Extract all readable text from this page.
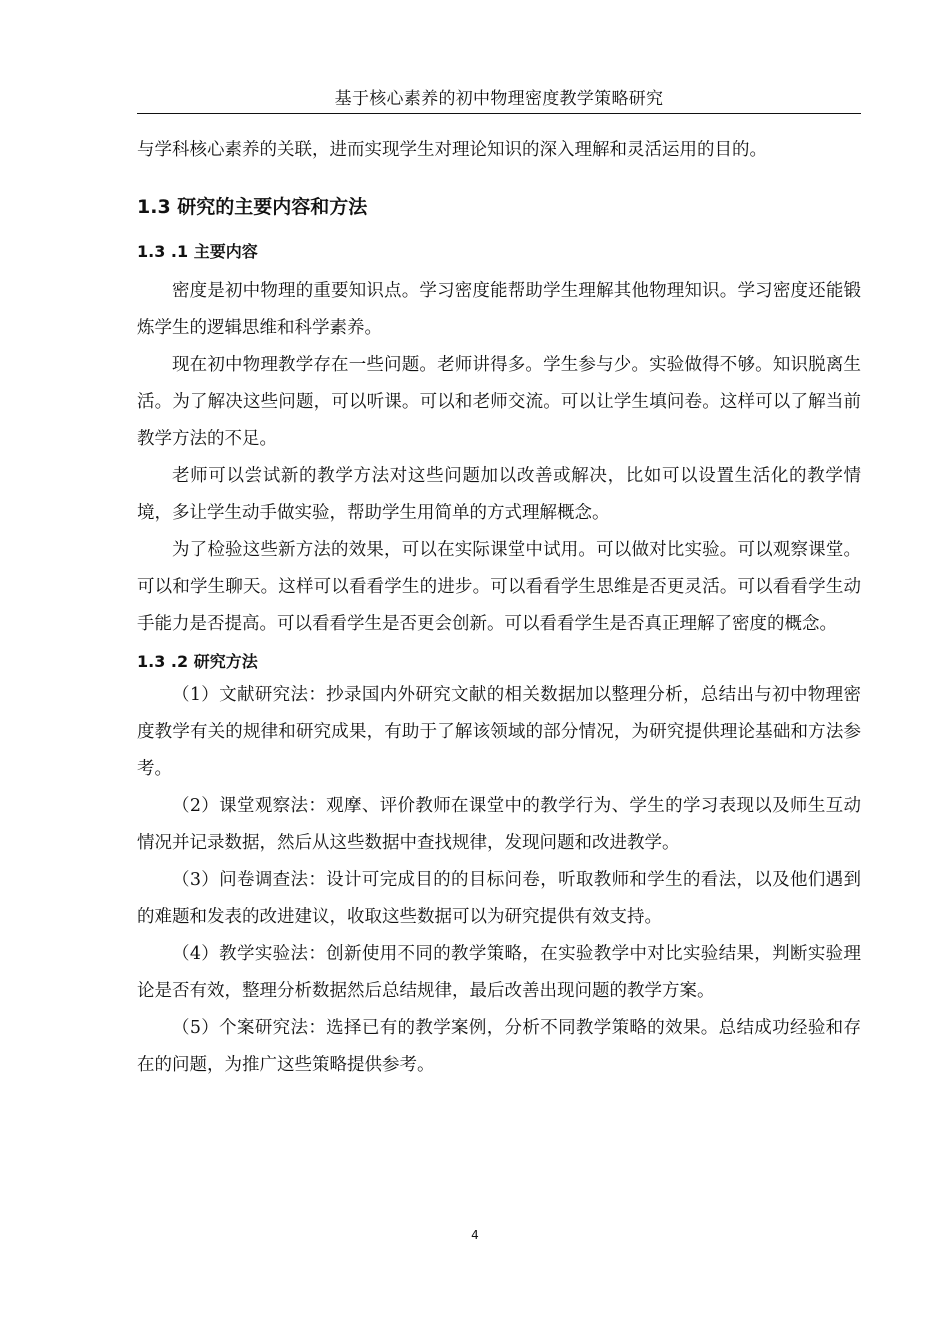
基于核心素养的初中物理密度教学策略研究

与学科核心素养的关联，进而实现学生对理论知识的深入理解和灵活运用的目的。

1.3 研究的主要内容和方法
1.3 .1 主要内容

密度是初中物理的重要知识点。学习密度能帮助学生理解其他物理知识。学习密度还能锻炼学生的逻辑思维和科学素养。

现在初中物理教学存在一些问题。老师讲得多。学生参与少。实验做得不够。知识脱离生活。为了解决这些问题，可以听课。可以和老师交流。可以让学生填问卷。这样可以了解当前教学方法的不足。

老师可以尝试新的教学方法对这些问题加以改善或解决，比如可以设置生活化的教学情境，多让学生动手做实验，帮助学生用简单的方式理解概念。

为了检验这些新方法的效果，可以在实际课堂中试用。可以做对比实验。可以观察课堂。可以和学生聊天。这样可以看看学生的进步。可以看看学生思维是否更灵活。可以看看学生动手能力是否提高。可以看看学生是否更会创新。可以看看学生是否真正理解了密度的概念。

1.3 .2 研究方法

（1）文献研究法：抄录国内外研究文献的相关数据加以整理分析，总结出与初中物理密度教学有关的规律和研究成果，有助于了解该领域的部分情况，为研究提供理论基础和方法参考。

（2）课堂观察法：观摩、评价教师在课堂中的教学行为、学生的学习表现以及师生互动情况并记录数据，然后从这些数据中查找规律，发现问题和改进教学。

（3）问卷调查法：设计可完成目的的目标问卷，听取教师和学生的看法，以及他们遇到的难题和发表的改进建议，收取这些数据可以为研究提供有效支持。

（4）教学实验法：创新使用不同的教学策略，在实验教学中对比实验结果，判断实验理论是否有效，整理分析数据然后总结规律，最后改善出现问题的教学方案。

（5）个案研究法：选择已有的教学案例，分析不同教学策略的效果。总结成功经验和存在的问题，为推广这些策略提供参考。

4
